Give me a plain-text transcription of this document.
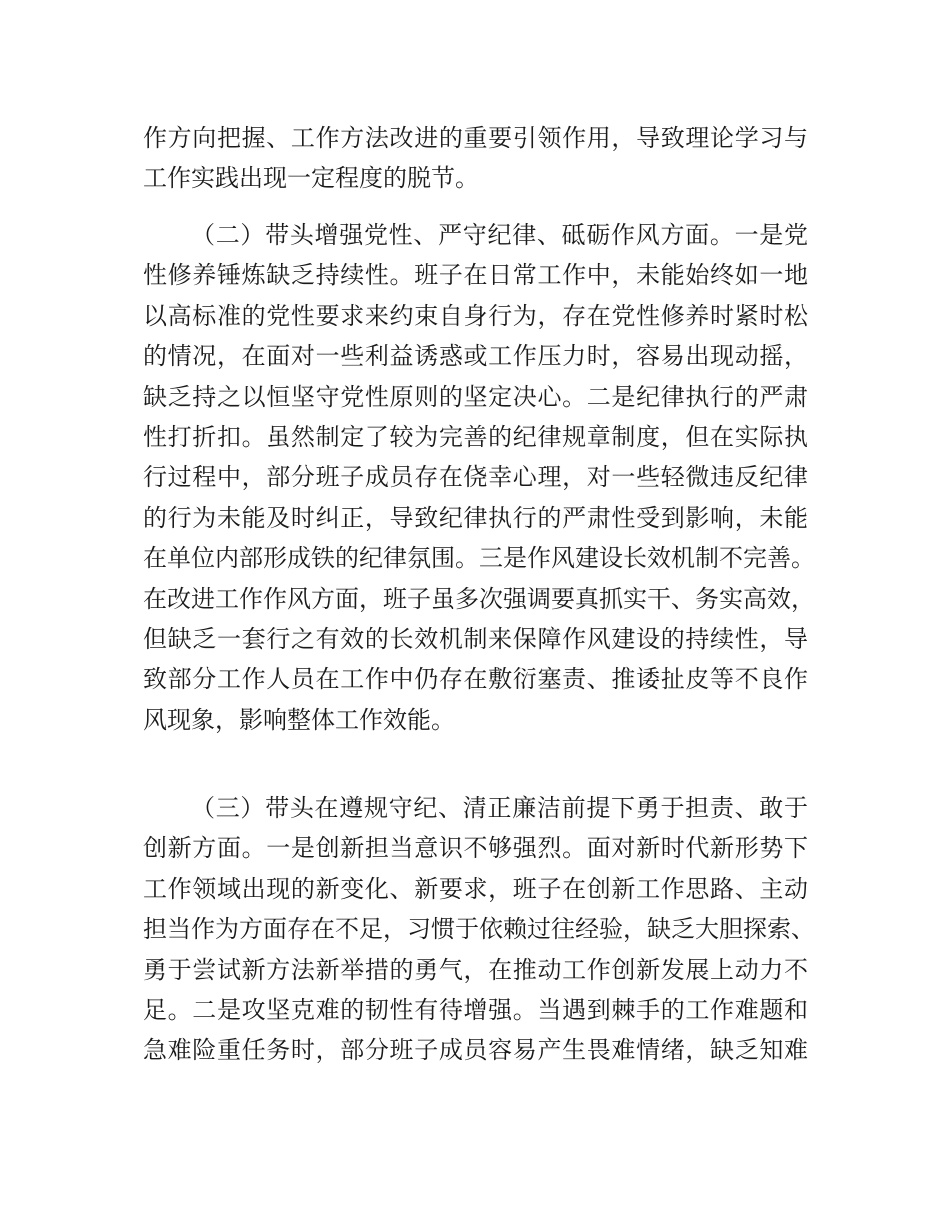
作方向把握、工作方法改进的重要引领作用，导致理论学习与
工作实践出现一定程度的脱节。
（二）带头增强党性、严守纪律、砥砺作风方面。一是党
性修养锤炼缺乏持续性。班子在日常工作中，未能始终如一地
以高标准的党性要求来约束自身行为，存在党性修养时紧时松
的情况，在面对一些利益诱惑或工作压力时，容易出现动摇，
缺乏持之以恒坚守党性原则的坚定决心。二是纪律执行的严肃
性打折扣。虽然制定了较为完善的纪律规章制度，但在实际执
行过程中，部分班子成员存在侥幸心理，对一些轻微违反纪律
的行为未能及时纠正，导致纪律执行的严肃性受到影响，未能
在单位内部形成铁的纪律氛围。三是作风建设长效机制不完善。
在改进工作作风方面，班子虽多次强调要真抓实干、务实高效，
但缺乏一套行之有效的长效机制来保障作风建设的持续性，导
致部分工作人员在工作中仍存在敷衍塞责、推诿扯皮等不良作
风现象，影响整体工作效能。
（三）带头在遵规守纪、清正廉洁前提下勇于担责、敢于
创新方面。一是创新担当意识不够强烈。面对新时代新形势下
工作领域出现的新变化、新要求，班子在创新工作思路、主动
担当作为方面存在不足，习惯于依赖过往经验，缺乏大胆探索、
勇于尝试新方法新举措的勇气，在推动工作创新发展上动力不
足。二是攻坚克难的韧性有待增强。当遇到棘手的工作难题和
急难险重任务时，部分班子成员容易产生畏难情绪，缺乏知难
